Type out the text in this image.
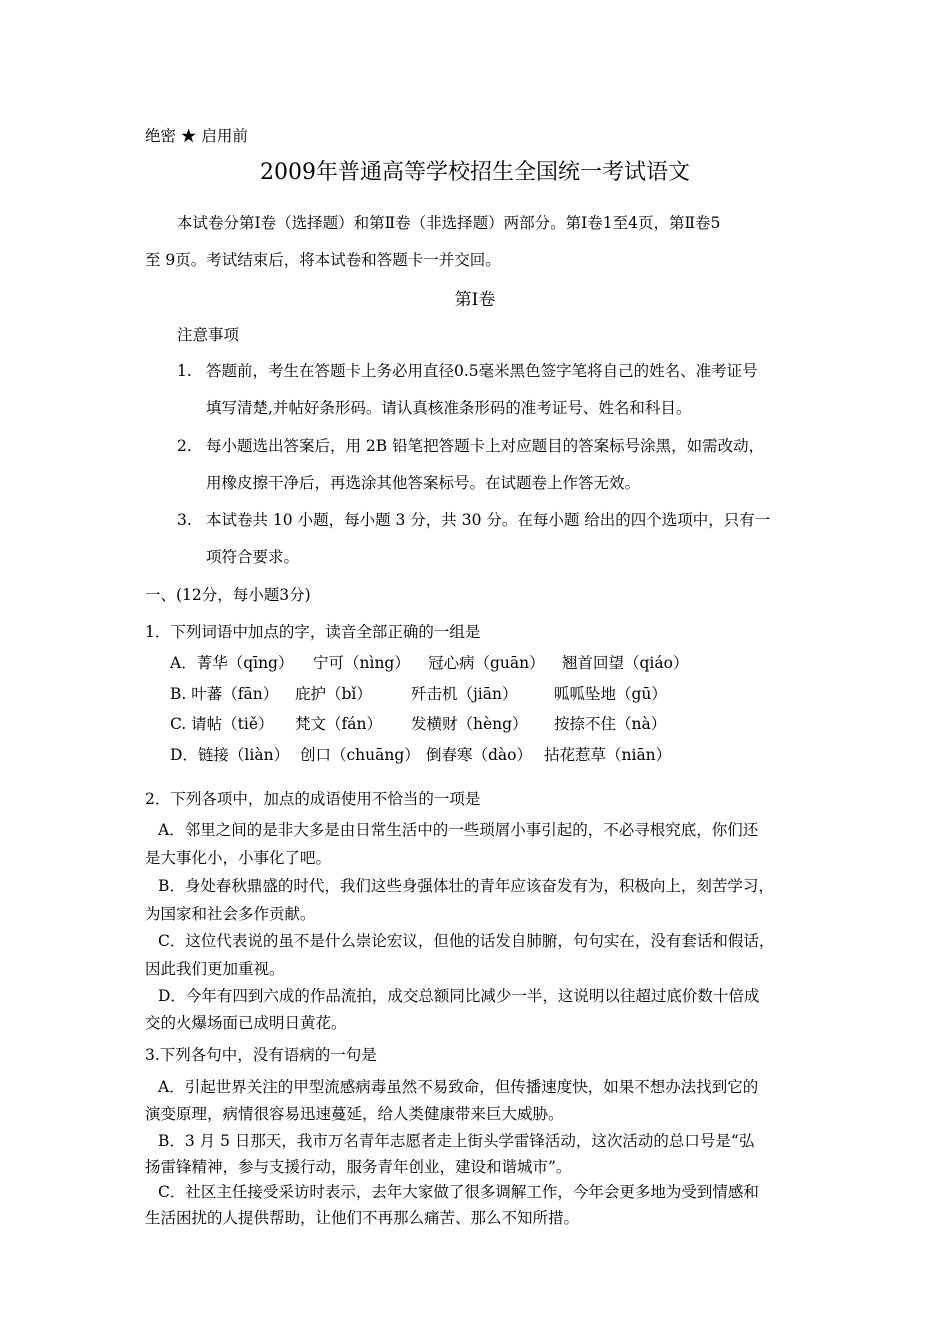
绝密 ★ 启用前
2009年普通高等学校招生全国统一考试语文
本试卷分第Ⅰ卷（选择题）和第Ⅱ卷（非选择题）两部分。第Ⅰ卷1至4页，第Ⅱ卷5
至 9页。考试结束后，将本试卷和答题卡一并交回。
第Ⅰ卷
注意事项
1. 答题前，考生在答题卡上务必用直径0.5毫米黑色签字笔将自己的姓名、准考证号
填写清楚,并帖好条形码。请认真核准条形码的准考证号、姓名和科目。
2. 每小题选出答案后，用 2B 铅笔把答题卡上对应题目的答案标号涂黑，如需改动，
用橡皮擦干净后，再选涂其他答案标号。在试题卷上作答无效。
3. 本试卷共 10 小题，每小题 3 分，共 30 分。在每小题 给出的四个选项中，只有一
项符合要求。
一、(12分，每小题3分)
1．下列词语中加点的字，读音全部正确的一组是
A．菁华（qīng） 宁可（nìng） 冠心病（guān） 翘首回望（qiáo）
B. 叶蕃（fān） 庇护（bǐ）	歼击机（jiān） 呱呱坠地（gū）
C. 请帖（tiě） 梵文（fán） 发横财（hèng） 按捺不住（nà）
D．链接（liàn） 创口（chuāng） 倒春寒（dào） 拈花惹草（niān）
2．下列各项中，加点的成语使用不恰当的一项是
A．邻里之间的是非大多是由日常生活中的一些琐屑小事引起的，不必寻根究底，你们还
是大事化小，小事化了吧。
B．身处春秋鼎盛的时代，我们这些身强体壮的青年应该奋发有为，积极向上，刻苦学习，
为国家和社会多作贡献。
C．这位代表说的虽不是什么崇论宏议，但他的话发自肺腑，句句实在，没有套话和假话，
因此我们更加重视。
D．今年有四到六成的作品流拍，成交总额同比减少一半，这说明以往超过底价数十倍成
交的火爆场面已成明日黄花。
3.下列各句中，没有语病的一句是
A．引起世界关注的甲型流感病毒虽然不易致命，但传播速度快，如果不想办法找到它的
演变原理，病情很容易迅速蔓延，给人类健康带来巨大威胁。
B．3 月 5 日那天，我市万名青年志愿者走上街头学雷锋活动，这次活动的总口号是“弘
扬雷锋精神，参与支援行动，服务青年创业，建设和谐城市”。
C．社区主任接受采访时表示，去年大家做了很多调解工作，今年会更多地为受到情感和
生活困扰的人提供帮助，让他们不再那么痛苦、那么不知所措。
